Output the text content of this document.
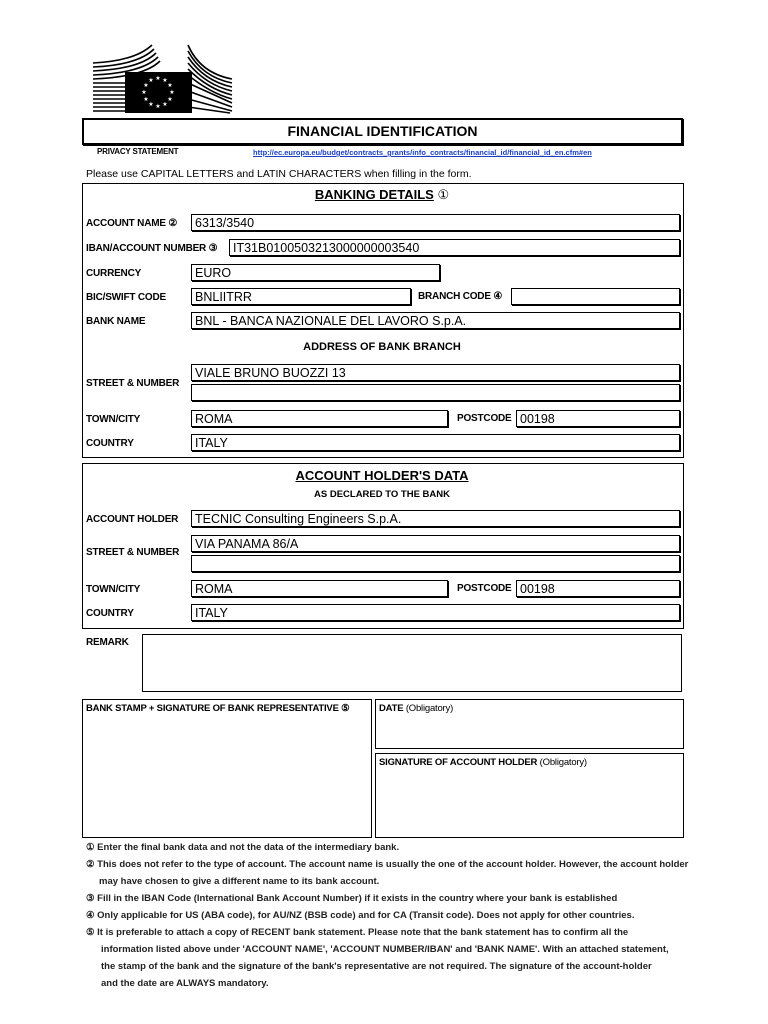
★ ★
★
★
★
★
★
★
★
★
★
★
FINANCIAL IDENTIFICATION
PRIVACY STATEMENT	http://ec.europa.eu/budget/contracts_grants/info_contracts/financial_id/financial_id_en.cfm#en
Please use CAPITAL LETTERS and LATIN CHARACTERS when filling in the form.
BANKING DETAILS ①
ACCOUNT NAME ②	6313/3540
IBAN/ACCOUNT NUMBER ③	IT31B0100503213000000003540
CURRENCY	EURO
BIC/SWIFT CODE	BNLIITRR	BRANCH CODE ④
BANK NAME	BNL - BANCA NAZIONALE DEL LAVORO S.p.A.
ADDRESS OF BANK BRANCH
STREET & NUMBER
VIALE BRUNO BUOZZI 13
TOWN/CITY	ROMA	POSTCODE 00198
COUNTRY	ITALY
ACCOUNT HOLDER'S DATA
AS DECLARED TO THE BANK
ACCOUNT HOLDER	TECNIC Consulting Engineers S.p.A.
STREET & NUMBER
VIA PANAMA 86/A
TOWN/CITY	ROMA	POSTCODE 00198
COUNTRY	ITALY
REMARK
BANK STAMP + SIGNATURE OF BANK REPRESENTATIVE ⑤	DATE (Obligatory)
SIGNATURE OF ACCOUNT HOLDER (Obligatory)
① Enter the final bank data and not the data of the intermediary bank.
② This does not refer to the type of account. The account name is usually the one of the account holder. However, the account holder
may have chosen to give a different name to its bank account.
③ Fill in the IBAN Code (International Bank Account Number) if it exists in the country where your bank is established
④ Only applicable for US (ABA code), for AU/NZ (BSB code) and for CA (Transit code). Does not apply for other countries.
⑤ It is preferable to attach a copy of RECENT bank statement. Please note that the bank statement has to confirm all the
information listed above under 'ACCOUNT NAME', 'ACCOUNT NUMBER/IBAN' and 'BANK NAME'. With an attached statement,
the stamp of the bank and the signature of the bank's representative are not required. The signature of the account-holder
and the date are ALWAYS mandatory.
